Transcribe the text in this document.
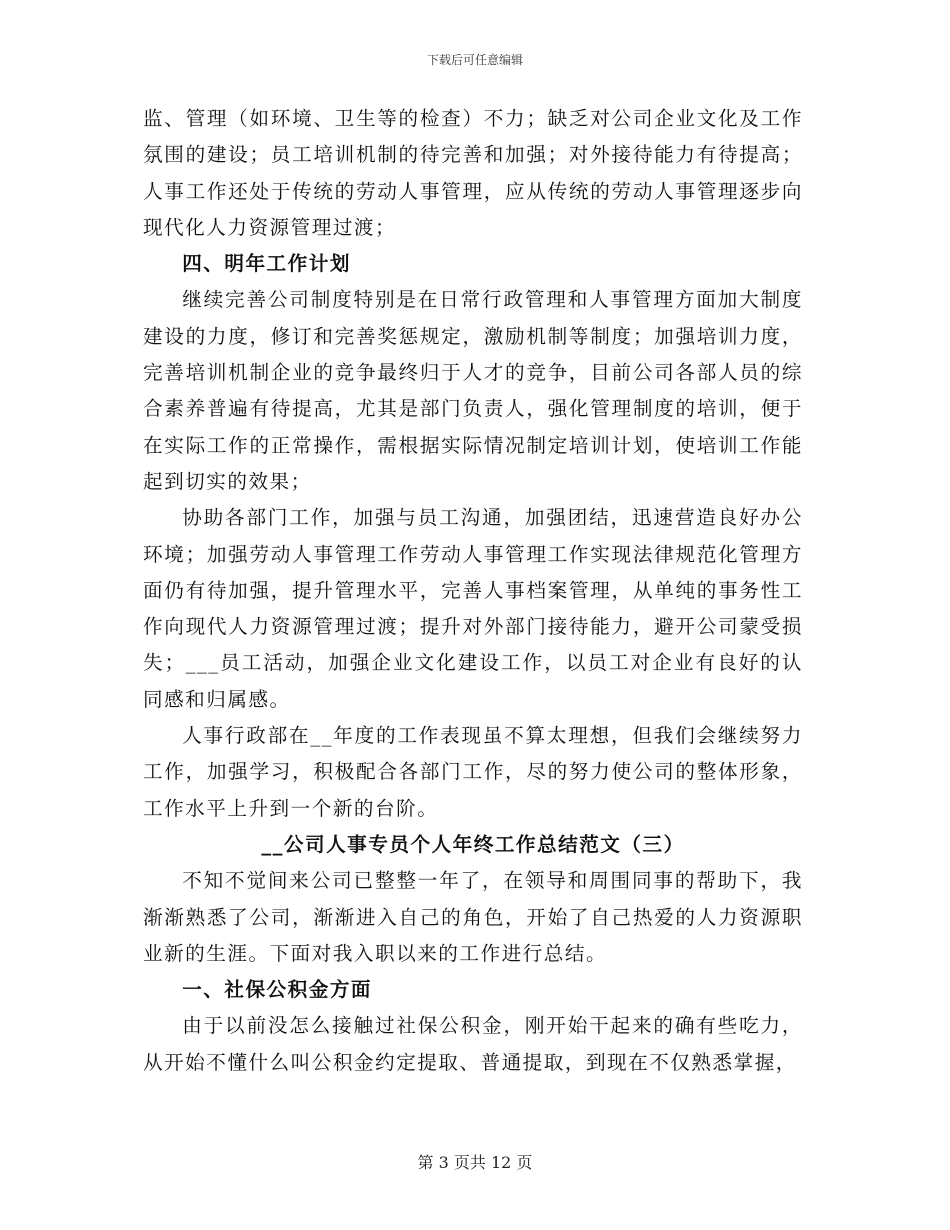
下载后可任意编辑

监、管理（如环境、卫生等的检查）不力；缺乏对公司企业文化及工作氛围的建设；员工培训机制的待完善和加强；对外接待能力有待提高；人事工作还处于传统的劳动人事管理，应从传统的劳动人事管理逐步向现代化人力资源管理过渡；

四、明年工作计划

继续完善公司制度特别是在日常行政管理和人事管理方面加大制度建设的力度，修订和完善奖惩规定，激励机制等制度；加强培训力度，完善培训机制企业的竞争最终归于人才的竞争，目前公司各部人员的综合素养普遍有待提高，尤其是部门负责人，强化管理制度的培训，便于在实际工作的正常操作，需根据实际情况制定培训计划，使培训工作能起到切实的效果；

协助各部门工作，加强与员工沟通，加强团结，迅速营造良好办公环境；加强劳动人事管理工作劳动人事管理工作实现法律规范化管理方面仍有待加强，提升管理水平，完善人事档案管理，从单纯的事务性工作向现代人力资源管理过渡；提升对外部门接待能力，避开公司蒙受损失；___员工活动，加强企业文化建设工作，以员工对企业有良好的认同感和归属感。

人事行政部在__年度的工作表现虽不算太理想，但我们会继续努力工作，加强学习，积极配合各部门工作，尽的努力使公司的整体形象，工作水平上升到一个新的台阶。

__公司人事专员个人年终工作总结范文（三）

不知不觉间来公司已整整一年了，在领导和周围同事的帮助下，我渐渐熟悉了公司，渐渐进入自己的角色，开始了自己热爱的人力资源职业新的生涯。下面对我入职以来的工作进行总结。

一、社保公积金方面

由于以前没怎么接触过社保公积金，刚开始干起来的确有些吃力，从开始不懂什么叫公积金约定提取、普通提取，到现在不仅熟悉掌握，

第 3 页共 12 页
